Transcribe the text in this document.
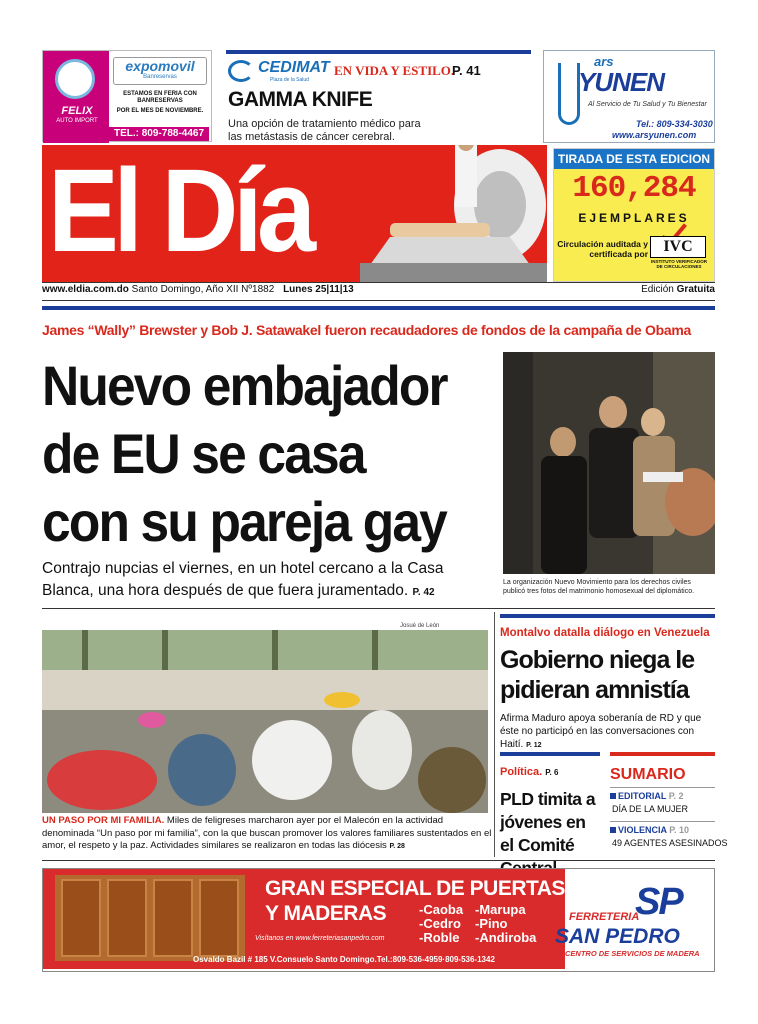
FELIX
AUTO IMPORT
expomovil
Banreservas
ESTAMOS EN FERIA CON BANRESERVAS
POR EL MES DE NOVIEMBRE.
TEL.: 809-788-4467
CEDIMAT
Plaza de la Salud
EN VIDA Y ESTILO.
P. 41
GAMMA KNIFE
Una opción de tratamiento médico para las metástasis de cáncer cerebral.
ars
YUNEN
Al Servicio de Tu Salud y Tu Bienestar
Tel.: 809-334-3030
www.arsyunen.com
El Día	TIRADA DE ESTA EDICION
160,284
EJEMPLARES
Circulación auditada y certificada por IVC
INSTITUTO VERIFICADOR DE CIRCULACIONES
www.eldia.com.do Santo Domingo, Año XII Nº1882 Lunes 25|11|13	Edición Gratuita
James “Wally” Brewster y Bob J. Satawakel fueron recaudadores de fondos de la campaña de Obama
Nuevo embajador de EU se casa con su pareja gay
Contrajo nupcias el viernes, en un hotel cercano a la Casa Blanca, una hora después de que fuera juramentado. P. 42
La organización Nuevo Movimiento para los derechos civiles publicó tres fotos del matrimonio homosexual del diplomático.
Josué de León
UN PASO POR MI FAMILIA. Miles de feligreses marcharon ayer por el Malecón en la actividad denominada “Un paso por mi familia”, con la que buscan promover los valores familiares sustentados en el amor, el respeto y la paz. Actividades similares se realizaron en todas las diócesis P. 28
Montalvo datalla diálogo en Venezuela
Gobierno niega le pidieran amnistía
Afirma Maduro apoya soberanía de RD y que éste no participó en las conversaciones con Haití. P. 12
Política. P. 6
PLD timita a jóvenes en el Comité
SUMARIO
EDITORIAL P. 2
DÍA DE LA MUJER
VIOLENCIA P. 10
49 AGENTES ASESINADOS
GRAN ESPECIAL DE PUERTAS
Y MADERAS	-Caoba
-Cedro
-Roble
-Marupa
-Pino
-Andiroba
Visítanos en www.ferreteriasanpedro.com
Osvaldo Bazil # 185 V.Consuelo Santo Domingo.Tel.:809-536-4959·809-536-1342
FERRETERIA
SP
SAN PEDRO
CENTRO DE SERVICIOS DE MADERA
